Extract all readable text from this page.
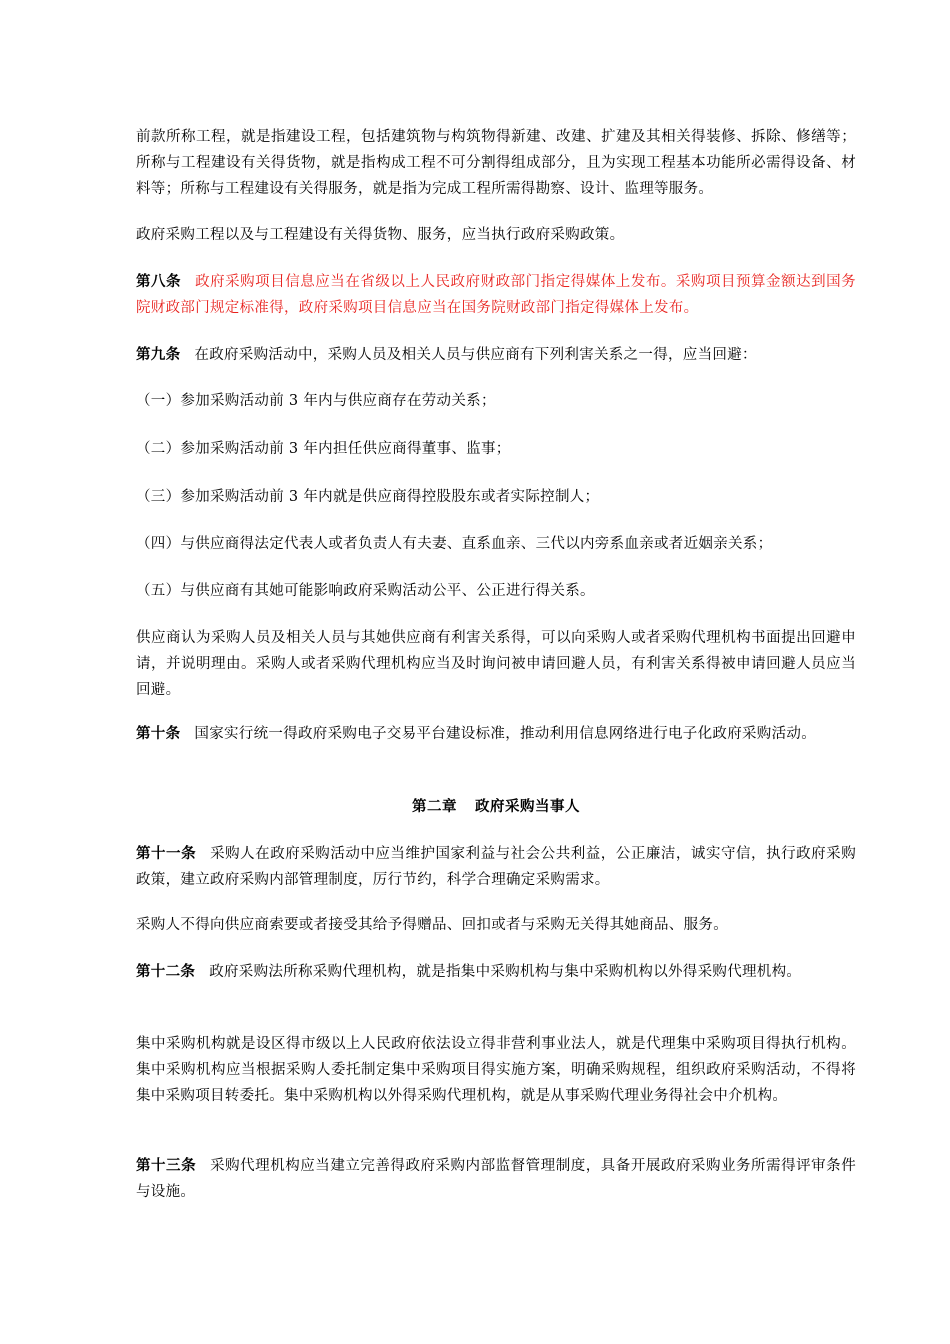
前款所称工程，就是指建设工程，包括建筑物与构筑物得新建、改建、扩建及其相关得装修、拆除、修缮等；所称与工程建设有关得货物，就是指构成工程不可分割得组成部分，且为实现工程基本功能所必需得设备、材料等；所称与工程建设有关得服务，就是指为完成工程所需得勘察、设计、监理等服务。

政府采购工程以及与工程建设有关得货物、服务，应当执行政府采购政策。

第八条 政府采购项目信息应当在省级以上人民政府财政部门指定得媒体上发布。采购项目预算金额达到国务院财政部门规定标准得，政府采购项目信息应当在国务院财政部门指定得媒体上发布。

第九条 在政府采购活动中，采购人员及相关人员与供应商有下列利害关系之一得，应当回避：

（一）参加采购活动前 3 年内与供应商存在劳动关系；

（二）参加采购活动前 3 年内担任供应商得董事、监事；

（三）参加采购活动前 3 年内就是供应商得控股股东或者实际控制人；

（四）与供应商得法定代表人或者负责人有夫妻、直系血亲、三代以内旁系血亲或者近姻亲关系；

（五）与供应商有其她可能影响政府采购活动公平、公正进行得关系。

供应商认为采购人员及相关人员与其她供应商有利害关系得，可以向采购人或者采购代理机构书面提出回避申请，并说明理由。采购人或者采购代理机构应当及时询问被申请回避人员，有利害关系得被申请回避人员应当回避。

第十条 国家实行统一得政府采购电子交易平台建设标准，推动利用信息网络进行电子化政府采购活动。

第二章 政府采购当事人

第十一条 采购人在政府采购活动中应当维护国家利益与社会公共利益，公正廉洁，诚实守信，执行政府采购政策，建立政府采购内部管理制度，厉行节约，科学合理确定采购需求。

采购人不得向供应商索要或者接受其给予得赠品、回扣或者与采购无关得其她商品、服务。

第十二条 政府采购法所称采购代理机构，就是指集中采购机构与集中采购机构以外得采购代理机构。

集中采购机构就是设区得市级以上人民政府依法设立得非营利事业法人，就是代理集中采购项目得执行机构。集中采购机构应当根据采购人委托制定集中采购项目得实施方案，明确采购规程，组织政府采购活动，不得将集中采购项目转委托。集中采购机构以外得采购代理机构，就是从事采购代理业务得社会中介机构。

第十三条 采购代理机构应当建立完善得政府采购内部监督管理制度，具备开展政府采购业务所需得评审条件与设施。
